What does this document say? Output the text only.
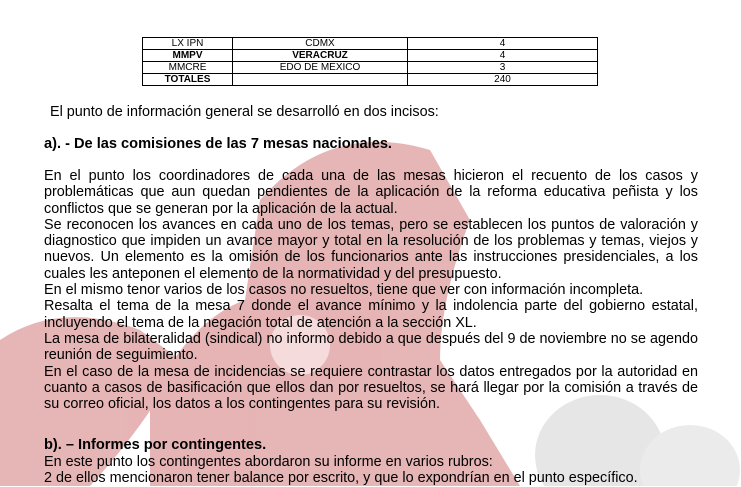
LX IPN	CDMX	4
MMPV	VERACRUZ	4
MMCRE	EDO DE MEXICO	3
TOTALES		240
El punto de información general se desarrolló en dos incisos:
a). - De las comisiones de las 7 mesas nacionales.
En el punto los coordinadores de cada una de las mesas hicieron el recuento de los casos y
problemáticas que aun quedan pendientes de la aplicación de la reforma educativa peñista y los
conflictos que se generan por la aplicación de la actual.
Se reconocen los avances en cada uno de los temas, pero se establecen los puntos de valoración y
diagnostico que impiden un avance mayor y total en la resolución de los problemas y temas, viejos y
nuevos. Un elemento es la omisión de los funcionarios ante las instrucciones presidenciales, a los
cuales les anteponen el elemento de la normatividad y del presupuesto.
En el mismo tenor varios de los casos no resueltos, tiene que ver con información incompleta.
Resalta el tema de la mesa 7 donde el avance mínimo y la indolencia parte del gobierno estatal,
incluyendo el tema de la negación total de atención a la sección XL.
La mesa de bilateralidad (sindical) no informo debido a que después del 9 de noviembre no se agendo
reunión de seguimiento.
En el caso de la mesa de incidencias se requiere contrastar los datos entregados por la autoridad en
cuanto a casos de basificación que ellos dan por resueltos, se hará llegar por la comisión a través de
su correo oficial, los datos a los contingentes para su revisión.
b). – Informes por contingentes.
En este punto los contingentes abordaron su informe en varios rubros:
2 de ellos mencionaron tener balance por escrito, y que lo expondrían en el punto específico.
